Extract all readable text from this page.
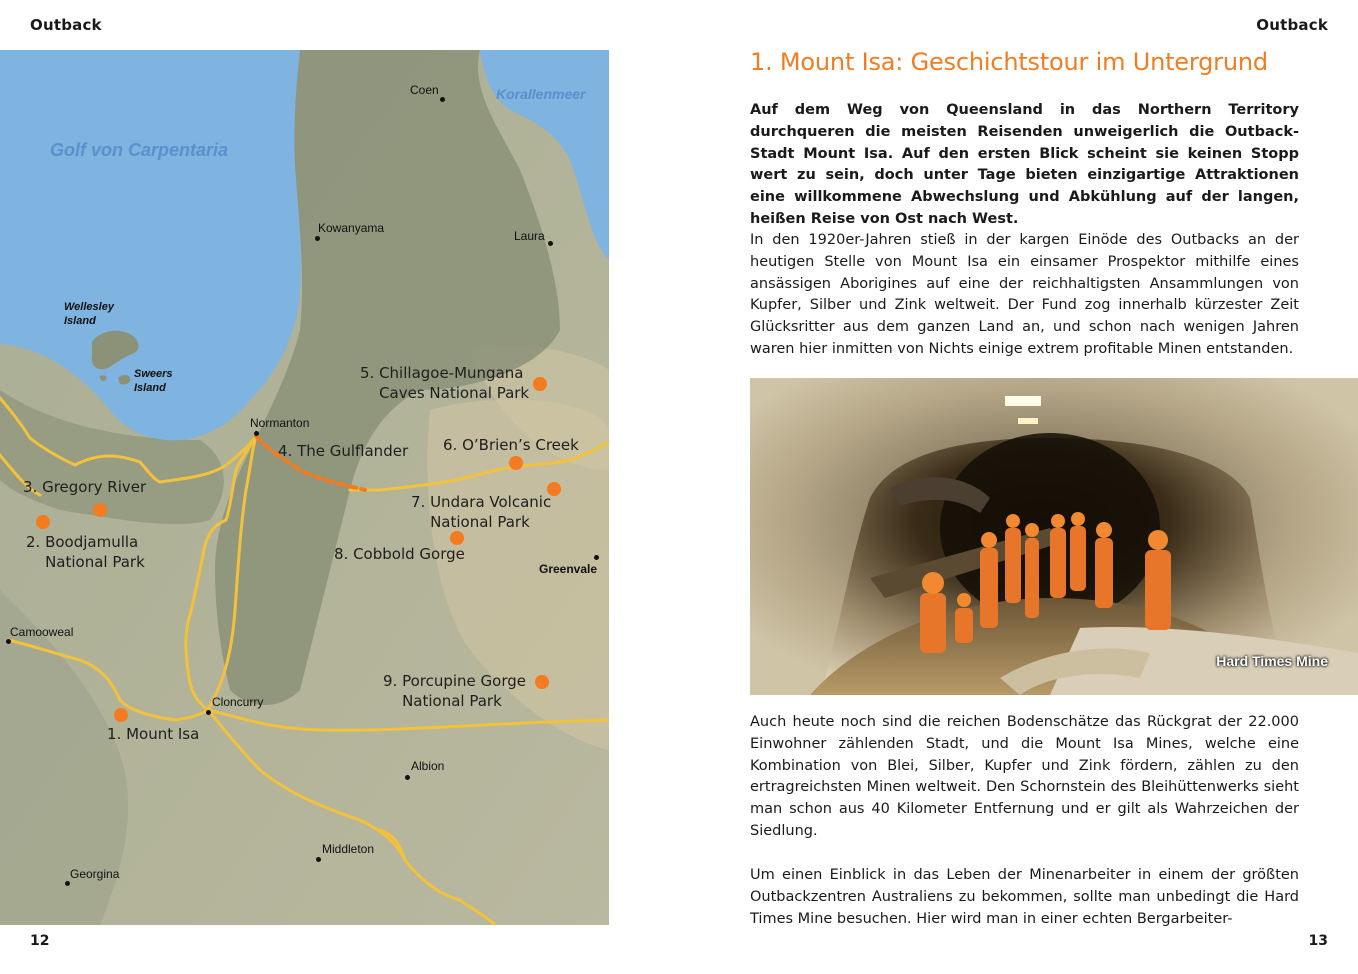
Outback	Outback
Golf von Carpentaria
Korallenmeer
Wellesley
Island
Sweers
Island
Coen
Kowanyama
Laura
Normanton
Greenvale
Camooweal
Cloncurry
Albion
Middleton
Georgina
1. Mount Isa
2. Boodjamulla
National Park
3. Gregory River
4. The Gulflander
5. Chillagoe-Mungana
Caves National Park
6. O’Brien’s Creek
7. Undara Volcanic
National Park
8. Cobbold Gorge
9. Porcupine Gorge
National Park
12
1. Mount Isa: Geschichtstour im Untergrund

Auf dem Weg von Queensland in das Northern Territory durchqueren die meisten Reisenden unweigerlich die Outback-Stadt Mount Isa. Auf den ersten Blick scheint sie keinen Stopp wert zu sein, doch unter Tage bieten einzigartige Attraktionen eine willkommene Abwechslung und Abkühlung auf der langen, heißen Reise von Ost nach West.

In den 1920er-Jahren stieß in der kargen Einöde des Outbacks an der heutigen Stelle von Mount Isa ein einsamer Prospektor mithilfe eines ansässigen Aborigines auf eine der reichhaltigsten Ansammlungen von Kupfer, Silber und Zink weltweit. Der Fund zog innerhalb kürzester Zeit Glücksritter aus dem ganzen Land an, und schon nach wenigen Jahren waren hier inmitten von Nichts einige extrem profitable Minen entstanden.

Hard Times Mine

Auch heute noch sind die reichen Bodenschätze das Rückgrat der 22.000 Einwohner zählenden Stadt, und die Mount Isa Mines, welche eine Kombination von Blei, Silber, Kupfer und Zink fördern, zählen zu den ertragreichsten Minen weltweit. Den Schornstein des Bleihüttenwerks sieht man schon aus 40 Kilometer Entfernung und er gilt als Wahrzeichen der Siedlung.

Um einen Einblick in das Leben der Minenarbeiter in einem der größten Outbackzentren Australiens zu bekommen, sollte man unbedingt die Hard Times Mine besuchen. Hier wird man in einer echten Bergarbeiter-

13
